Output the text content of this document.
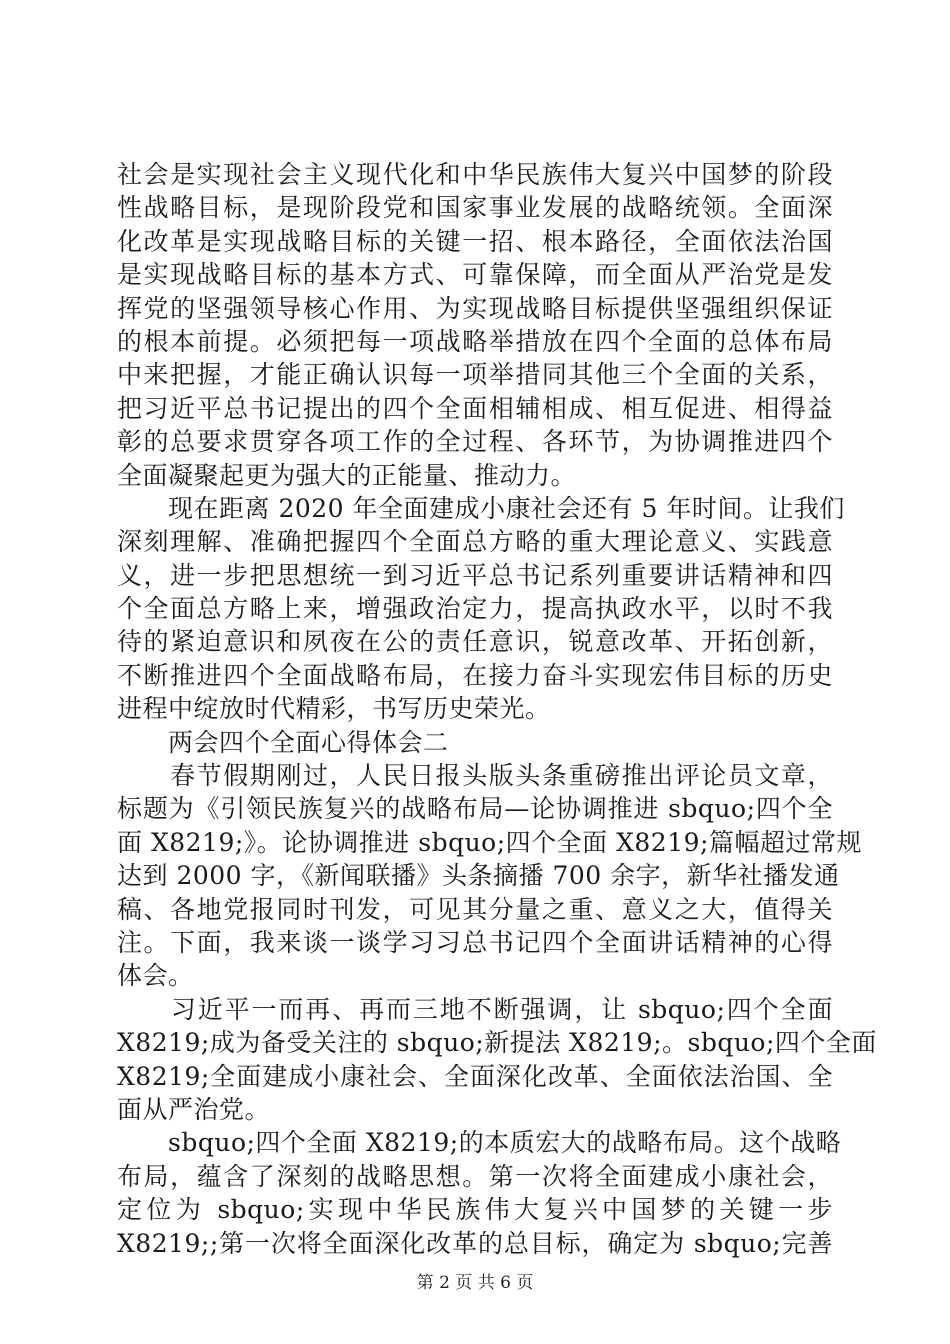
社会是实现社会主义现代化和中华民族伟大复兴中国梦的阶段
性战略目标，是现阶段党和国家事业发展的战略统领。全面深
化改革是实现战略目标的关键一招、根本路径，全面依法治国
是实现战略目标的基本方式、可靠保障，而全面从严治党是发
挥党的坚强领导核心作用、为实现战略目标提供坚强组织保证
的根本前提。必须把每一项战略举措放在四个全面的总体布局
中来把握，才能正确认识每一项举措同其他三个全面的关系，
把习近平总书记提出的四个全面相辅相成、相互促进、相得益
彰的总要求贯穿各项工作的全过程、各环节，为协调推进四个
全面凝聚起更为强大的正能量、推动力。
　　现在距离 2020 年全面建成小康社会还有 5 年时间。让我们
深刻理解、准确把握四个全面总方略的重大理论意义、实践意
义，进一步把思想统一到习近平总书记系列重要讲话精神和四
个全面总方略上来，增强政治定力，提高执政水平，以时不我
待的紧迫意识和夙夜在公的责任意识，锐意改革、开拓创新，
不断推进四个全面战略布局，在接力奋斗实现宏伟目标的历史
进程中绽放时代精彩，书写历史荣光。
　　两会四个全面心得体会二
　　春节假期刚过，人民日报头版头条重磅推出评论员文章，
标题为《引领民族复兴的战略布局—论协调推进 sbquo;四个全
面 X8219;》。论协调推进 sbquo;四个全面 X8219;篇幅超过常规
达到 2000 字，《新闻联播》头条摘播 700 余字，新华社播发通
稿、各地党报同时刊发，可见其分量之重、意义之大，值得关
注。下面，我来谈一谈学习习总书记四个全面讲话精神的心得
体会。
　　习近平一而再、再而三地不断强调，让 sbquo;四个全面
X8219;成为备受关注的 sbquo;新提法 X8219;。sbquo;四个全面
X8219;全面建成小康社会、全面深化改革、全面依法治国、全
面从严治党。
　　sbquo;四个全面 X8219;的本质宏大的战略布局。这个战略
布局，蕴含了深刻的战略思想。第一次将全面建成小康社会，
定位为 sbquo;实现中华民族伟大复兴中国梦的关键一步
X8219;;第一次将全面深化改革的总目标，确定为 sbquo;完善
第 2 页 共 6 页
